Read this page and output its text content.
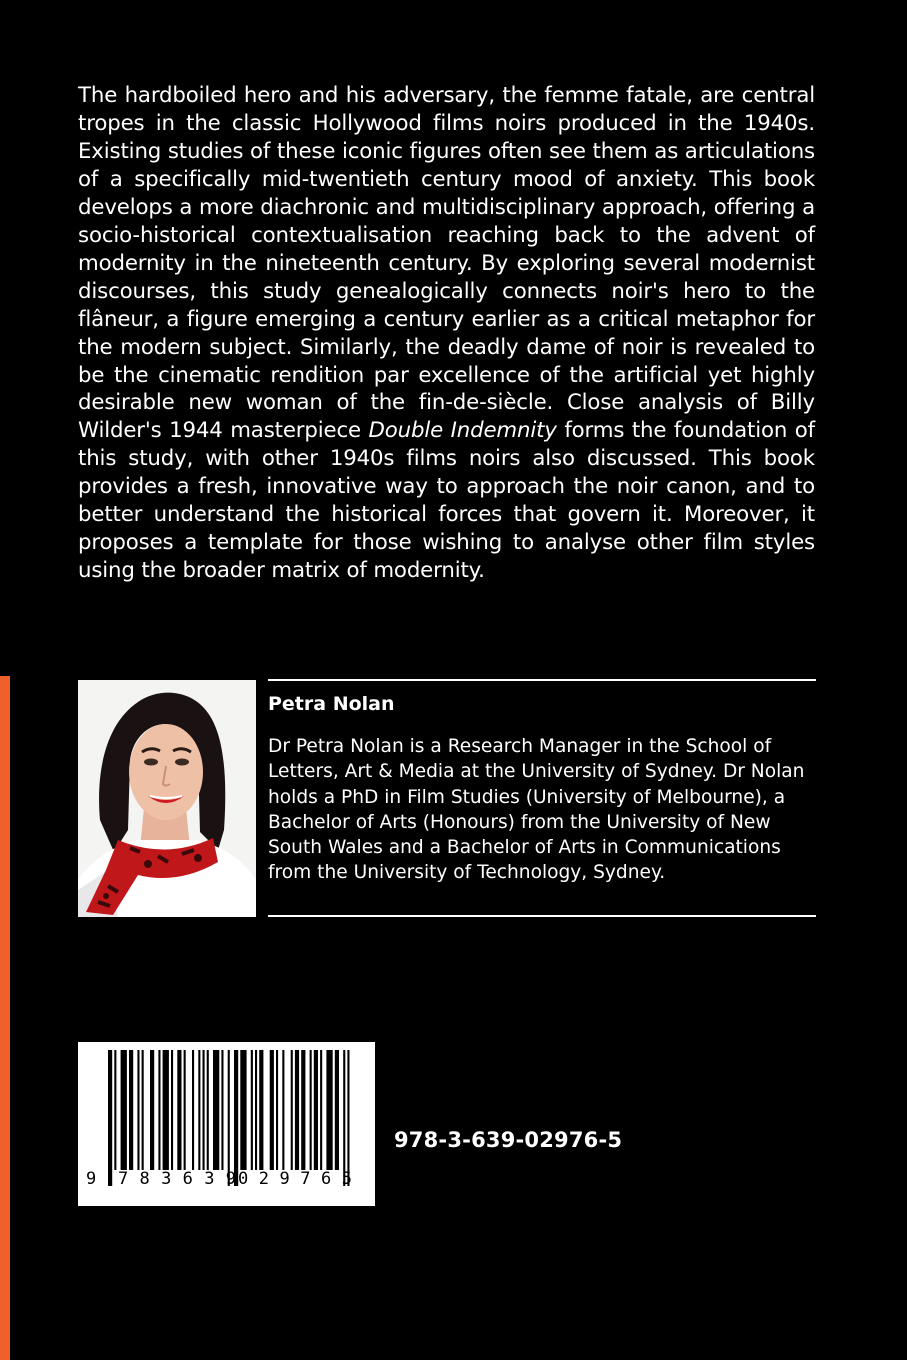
The hardboiled hero and his adversary, the femme fatale, are central tropes in the classic Hollywood films noirs produced in the 1940s. Existing studies of these iconic figures often see them as articulations of a specifically mid-twentieth century mood of anxiety. This book develops a more diachronic and multidisciplinary approach, offering a socio-historical contextualisation reaching back to the advent of modernity in the nineteenth century. By exploring several modernist discourses, this study genealogically connects noir's hero to the flâneur, a figure emerging a century earlier as a critical metaphor for the modern subject. Similarly, the deadly dame of noir is revealed to be the cinematic rendition par excellence of the artificial yet highly desirable new woman of the fin-de-siècle. Close analysis of Billy Wilder's 1944 masterpiece Double Indemnity forms the foundation of this study, with other 1940s films noirs also discussed. This book provides a fresh, innovative way to approach the noir canon, and to better understand the historical forces that govern it. Moreover, it proposes a template for those wishing to analyse other film styles using the broader matrix of modernity.

Petra Nolan

Dr Petra Nolan is a Research Manager in the School of Letters, Art & Media at the University of Sydney. Dr Nolan holds a PhD in Film Studies (University of Melbourne), a Bachelor of Arts (Honours) from the University of New South Wales and a Bachelor of Arts in Communications from the University of Technology, Sydney.

9 783639 029765

978-3-639-02976-5
